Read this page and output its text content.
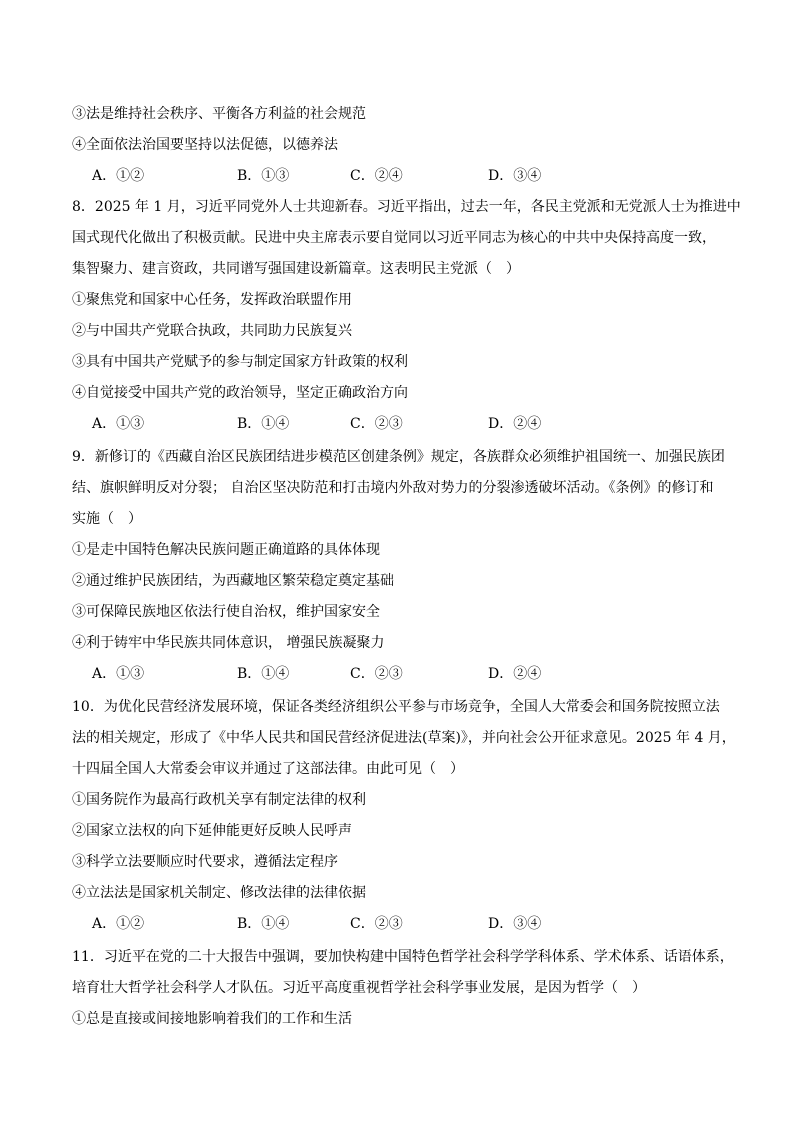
③法是维持社会秩序、平衡各方利益的社会规范
④全面依法治国要坚持以法促德，以德养法
A．①②	B．①③	C．②④	D．③④
8．2025 年 1 月，习近平同党外人士共迎新春。习近平指出，过去一年，各民主党派和无党派人士为推进中
国式现代化做出了积极贡献。民进中央主席表示要自觉同以习近平同志为核心的中共中央保持高度一致，
集智聚力、建言资政，共同谱写强国建设新篇章。这表明民主党派（　）
①聚焦党和国家中心任务，发挥政治联盟作用
②与中国共产党联合执政，共同助力民族复兴
③具有中国共产党赋予的参与制定国家方针政策的权利
④自觉接受中国共产党的政治领导，坚定正确政治方向
A．①③	B．①④	C．②③	D．②④
9．新修订的《西藏自治区民族团结进步模范区创建条例》规定，各族群众必须维护祖国统一、加强民族团
结、旗帜鲜明反对分裂； 自治区坚决防范和打击境内外敌对势力的分裂渗透破坏活动。《条例》的修订和
实施（　）
①是走中国特色解决民族问题正确道路的具体体现
②通过维护民族团结，为西藏地区繁荣稳定奠定基础
③可保障民族地区依法行使自治权，维护国家安全
④利于铸牢中华民族共同体意识， 增强民族凝聚力
A．①③	B．①④	C．②③	D．②④
10．为优化民营经济发展环境，保证各类经济组织公平参与市场竞争，全国人大常委会和国务院按照立法
法的相关规定，形成了《中华人民共和国民营经济促进法(草案)》，并向社会公开征求意见。2025 年 4 月，
十四届全国人大常委会审议并通过了这部法律。由此可见（　）
①国务院作为最高行政机关享有制定法律的权利
②国家立法权的向下延伸能更好反映人民呼声
③科学立法要顺应时代要求，遵循法定程序
④立法法是国家机关制定、修改法律的法律依据
A．①②	B．①④	C．②③	D．③④
11．习近平在党的二十大报告中强调，要加快构建中国特色哲学社会科学学科体系、学术体系、话语体系，
培育壮大哲学社会科学人才队伍。习近平高度重视哲学社会科学事业发展，是因为哲学（　）
①总是直接或间接地影响着我们的工作和生活
